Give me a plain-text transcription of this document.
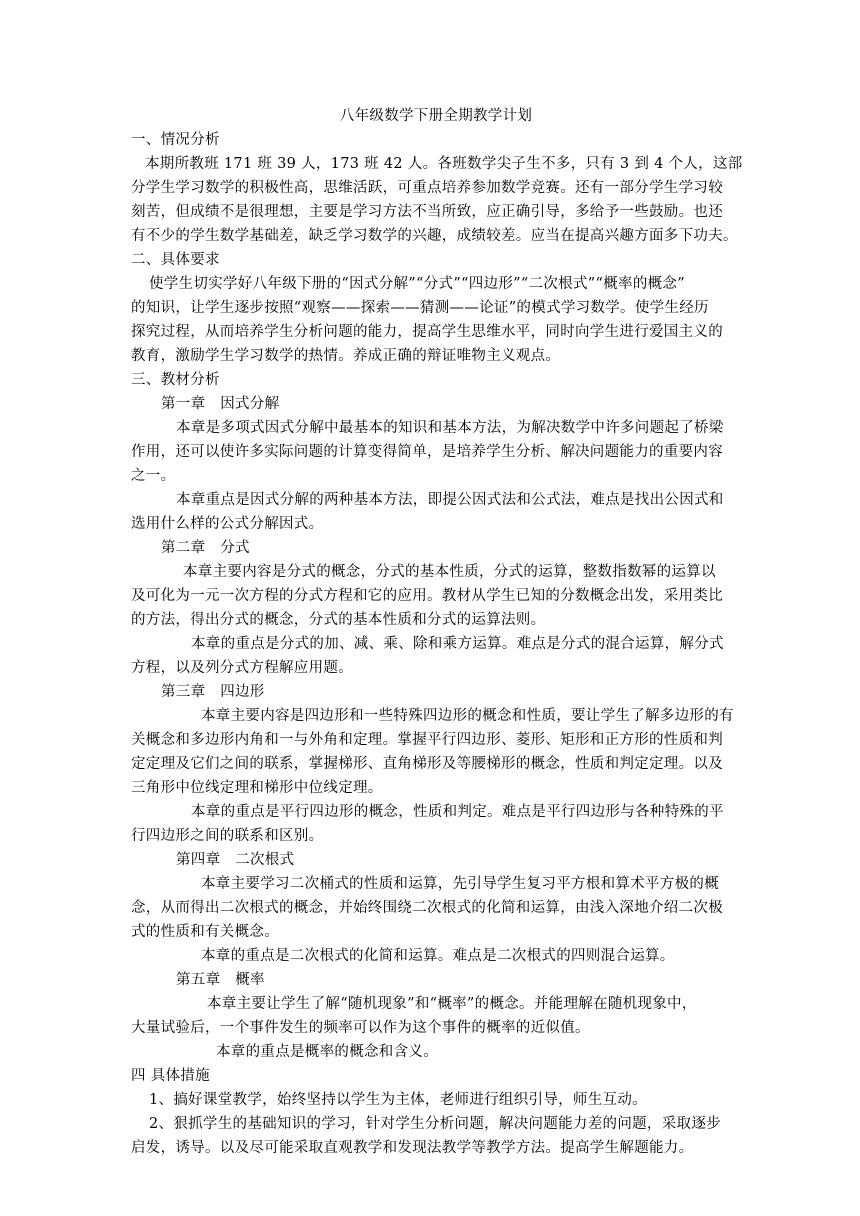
八年级数学下册全期教学计划
一、情况分析
本期所教班 171 班 39 人，173 班 42 人。各班数学尖子生不多，只有 3 到 4 个人，这部
分学生学习数学的积极性高，思维活跃，可重点培养参加数学竞赛。还有一部分学生学习较
刻苦，但成绩不是很理想，主要是学习方法不当所致，应正确引导，多给予一些鼓励。也还
有不少的学生数学基础差，缺乏学习数学的兴趣，成绩较差。应当在提高兴趣方面多下功夫。
二、具体要求
使学生切实学好八年级下册的“因式分解”“分式”“四边形”“二次根式”“概率的概念”
的知识，让学生逐步按照“观察——探索——猜测——论证”的模式学习数学。使学生经历
探究过程，从而培养学生分析问题的能力，提高学生思维水平，同时向学生进行爱国主义的
教育，激励学生学习数学的热情。养成正确的辩证唯物主义观点。
三、教材分析
第一章　因式分解
本章是多项式因式分解中最基本的知识和基本方法，为解决数学中许多问题起了桥梁
作用，还可以使许多实际问题的计算变得简单，是培养学生分析、解决问题能力的重要内容
之一。
本章重点是因式分解的两种基本方法，即提公因式法和公式法，难点是找出公因式和
选用什么样的公式分解因式。
第二章　分式
本章主要内容是分式的概念，分式的基本性质，分式的运算，整数指数幂的运算以
及可化为一元一次方程的分式方程和它的应用。教材从学生已知的分数概念出发，采用类比
的方法，得出分式的概念，分式的基本性质和分式的运算法则。
本章的重点是分式的加、减、乘、除和乘方运算。难点是分式的混合运算，解分式
方程，以及列分式方程解应用题。
第三章　四边形
本章主要内容是四边形和一些特殊四边形的概念和性质，要让学生了解多边形的有
关概念和多边形内角和一与外角和定理。掌握平行四边形、菱形、矩形和正方形的性质和判
定定理及它们之间的联系，掌握梯形、直角梯形及等腰梯形的概念，性质和判定定理。以及
三角形中位线定理和梯形中位线定理。
本章的重点是平行四边形的概念，性质和判定。难点是平行四边形与各种特殊的平
行四边形之间的联系和区别。
第四章　二次根式
本章主要学习二次桶式的性质和运算，先引导学生复习平方根和算术平方极的概
念，从而得出二次根式的概念，并始终围绕二次根式的化简和运算，由浅入深地介绍二次极
式的性质和有关概念。
本章的重点是二次根式的化简和运算。难点是二次根式的四则混合运算。
第五章　概率
本章主要让学生了解“随机现象”和“概率”的概念。并能理解在随机现象中，
大量试验后，一个事件发生的频率可以作为这个事件的概率的近似值。
本章的重点是概率的概念和含义。
四 具体措施
1、搞好课堂教学，始终坚持以学生为主体，老师进行组织引导，师生互动。
2、狠抓学生的基础知识的学习，针对学生分析问题，解决问题能力差的问题，采取逐步
启发，诱导。以及尽可能采取直观教学和发现法教学等教学方法。提高学生解题能力。
